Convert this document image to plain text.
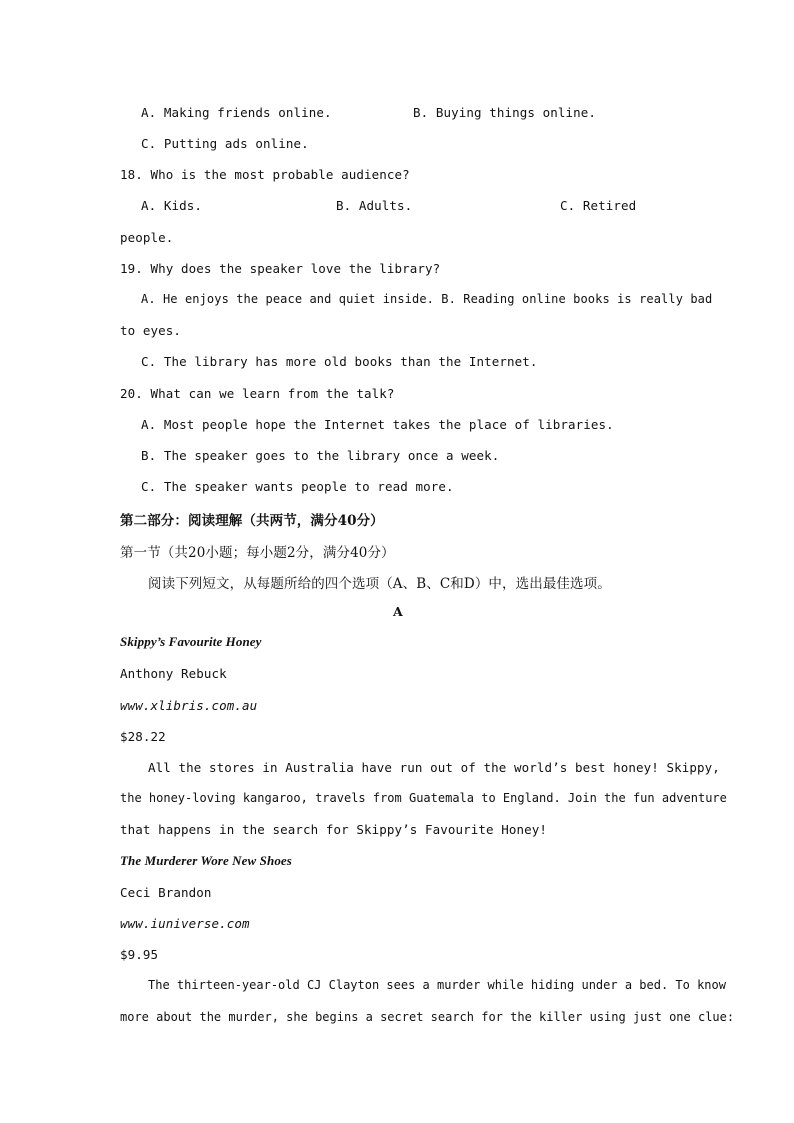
A. Making friends online.	B. Buying things online.
C. Putting ads online.
18. Who is the most probable audience?
A. Kids.	B. Adults.	C. Retired
people.
19. Why does the speaker love the library?
A. He enjoys the peace and quiet inside. B. Reading online books is really bad
to eyes.
C. The library has more old books than the Internet.
20. What can we learn from the talk?
A. Most people hope the Internet takes the place of libraries.
B. The speaker goes to the library once a week.
C. The speaker wants people to read more.
第二部分：阅读理解（共两节，满分40分）
第一节（共20小题；每小题2分，满分40分）
阅读下列短文，从每题所给的四个选项（A、B、C和D）中，选出最佳选项。
A
Skippy’s Favourite Honey
Anthony Rebuck
www.xlibris.com.au
$28.22
All the stores in Australia have run out of the world’s best honey! Skippy,
the honey-loving kangaroo, travels from Guatemala to England. Join the fun adventure
that happens in the search for Skippy’s Favourite Honey!
The Murderer Wore New Shoes
Ceci Brandon
www.iuniverse.com
$9.95
The thirteen-year-old CJ Clayton sees a murder while hiding under a bed. To know
more about the murder, she begins a secret search for the killer using just one clue:
